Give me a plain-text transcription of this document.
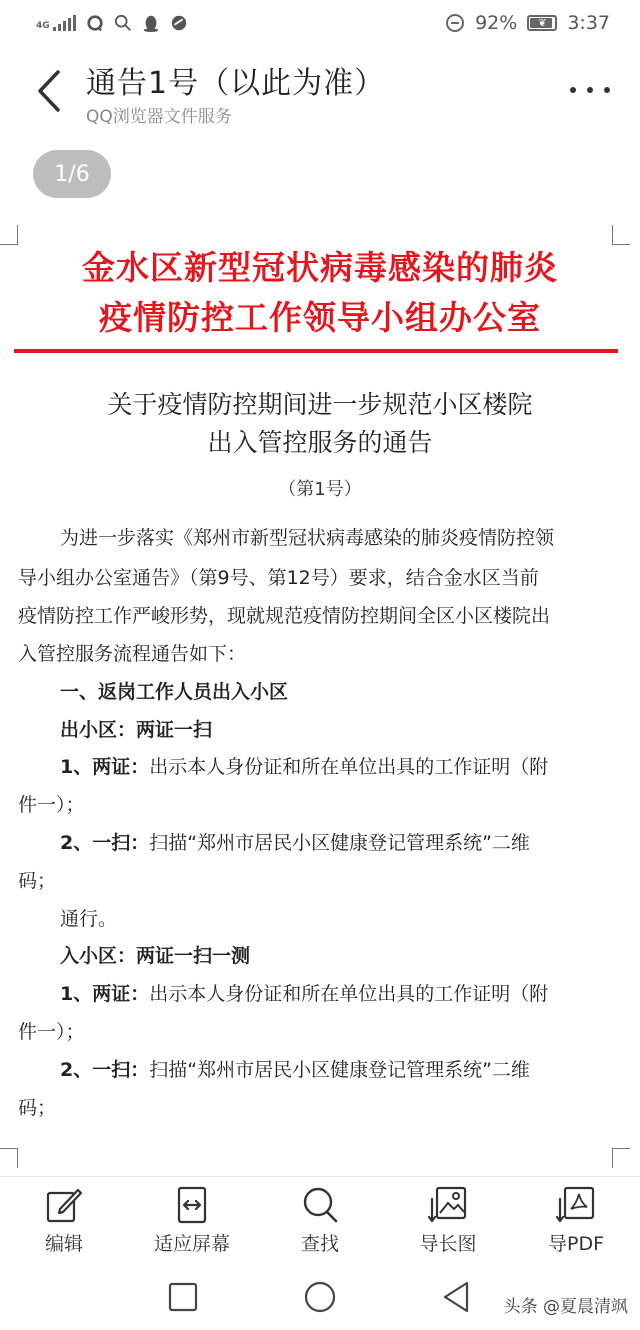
4G	92% ❦ 3:37
通告1号（以此为准）
QQ浏览器文件服务
1/6
金水区新型冠状病毒感染的肺炎
疫情防控工作领导小组办公室
关于疫情防控期间进一步规范小区楼院
出入管控服务的通告
（第1号）
为进一步落实《郑州市新型冠状病毒感染的肺炎疫情防控领
导小组办公室通告》（第9号、第12号）要求，结合金水区当前
疫情防控工作严峻形势，现就规范疫情防控期间全区小区楼院出
入管控服务流程通告如下：
一、返岗工作人员出入小区
出小区：两证一扫
1、两证：出示本人身份证和所在单位出具的工作证明（附
件一）；
2、一扫：扫描“郑州市居民小区健康登记管理系统”二维
码；
通行。
入小区：两证一扫一测
1、两证：出示本人身份证和所在单位出具的工作证明（附
件一）；
2、一扫：扫描“郑州市居民小区健康登记管理系统”二维
码；
编辑	适应屏幕	查找	导长图	导PDF
头条 @夏晨清飒
